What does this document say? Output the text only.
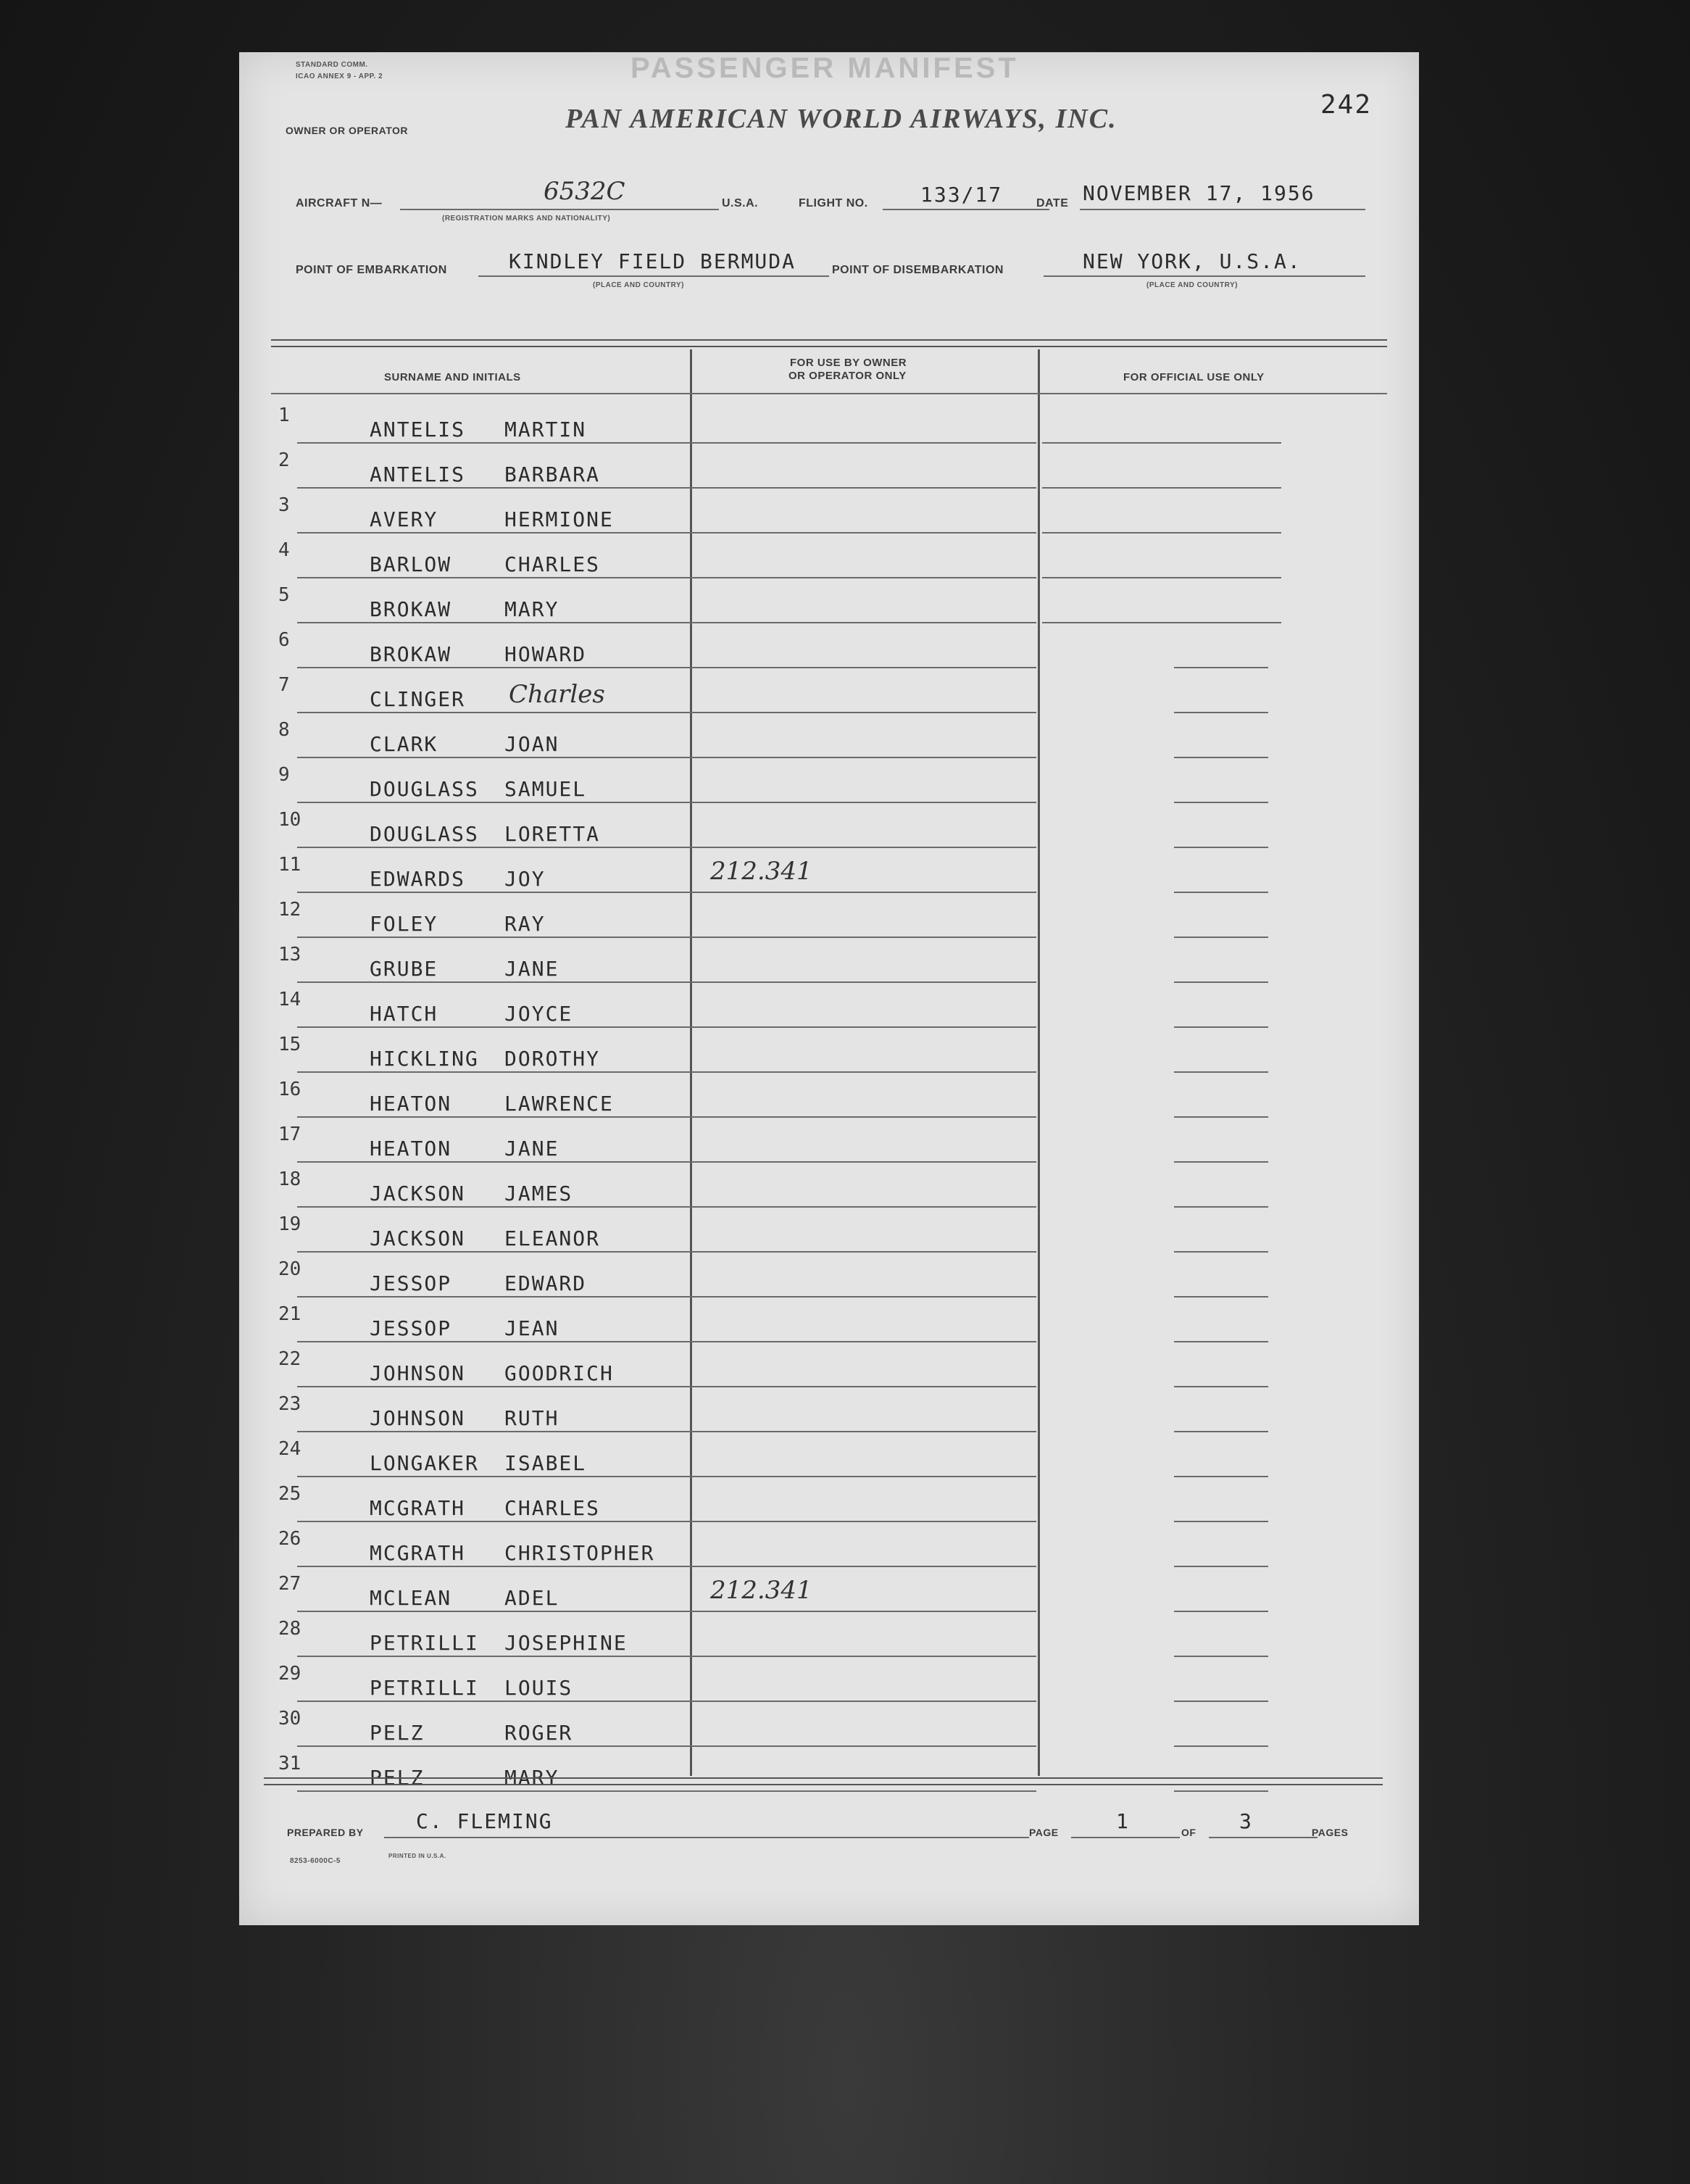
STANDARD COMM.
ICAO ANNEX 9 - APP. 2
OWNER OR OPERATOR
PASSENGER MANIFEST
PAN AMERICAN WORLD AIRWAYS, INC.	242
AIRCRAFT N—	6532C
(REGISTRATION MARKS AND NATIONALITY)
U.S.A.	FLIGHT NO.	133/17	DATE NOVEMBER 17, 1956
POINT OF EMBARKATION	KINDLEY FIELD BERMUDA
(PLACE AND COUNTRY)
POINT OF DISEMBARKATION	NEW YORK, U.S.A.
(PLACE AND COUNTRY)
SURNAME AND INITIALS
FOR USE BY OWNER
OR OPERATOR ONLY	FOR OFFICIAL USE ONLY
1
ANTELIS MARTIN
2
ANTELIS BARBARA
3
AVERY	HERMIONE
4
BARLOW	CHARLES
5
BROKAW	MARY
6
BROKAW	HOWARD
7
CLINGER Charles
8
CLARK	JOAN
9
DOUGLASS SAMUEL
10
DOUGLASS LORETTA
11
EDWARDS JOY	212.341
12
FOLEY	RAY
13
GRUBE	JANE
14
HATCH	JOYCE
15
HICKLING DOROTHY
16
HEATON	LAWRENCE
17
HEATON	JANE
18
JACKSON JAMES
19
JACKSON ELEANOR
20
JESSOP	EDWARD
21
JESSOP	JEAN
22
JOHNSON GOODRICH
23
JOHNSON RUTH
24
LONGAKER ISABEL
25
MCGRATH CHARLES
26
MCGRATH CHRISTOPHER
27
MCLEAN	ADEL	212.341
28
PETRILLI JOSEPHINE
29
PETRILLI LOUIS
30
PELZ	ROGER
31
PELZ	MARY
PREPARED BY	C. FLEMING
8253-6000C-5
PRINTED IN U.S.A.
PAGE	1	OF 3	PAGES
